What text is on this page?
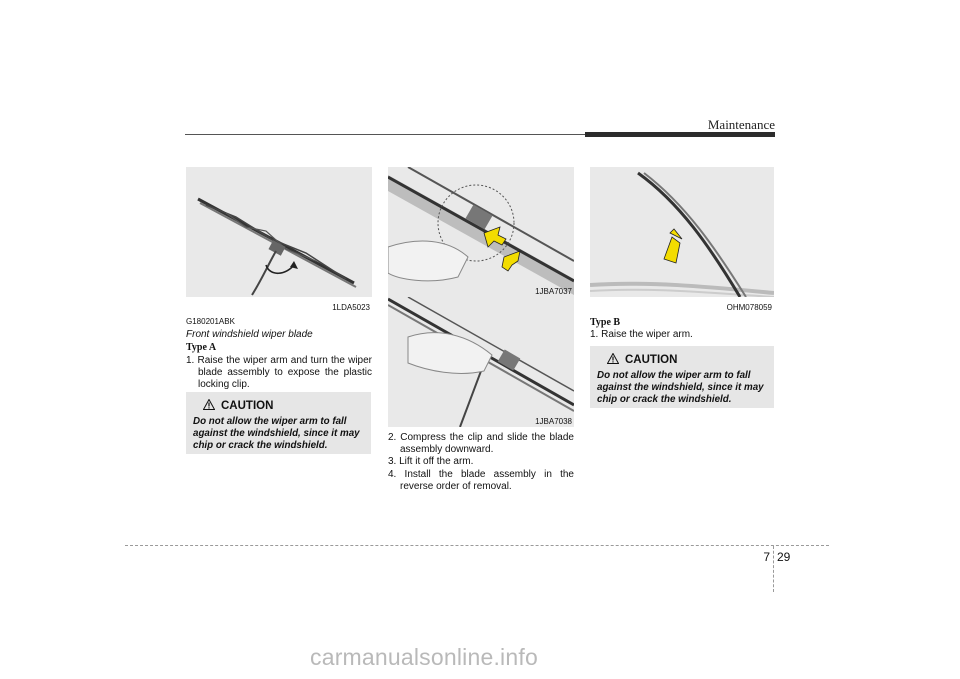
Maintenance
1LDA5023
G180201ABK
Front windshield wiper blade
Type A
1. Raise the wiper arm and turn the wiper blade assembly to expose the plastic locking clip.
CAUTION
Do not allow the wiper arm to fall against the windshield, since it may chip or crack the windshield.
1JBA7037
1JBA7038
2. Compress the clip and slide the blade assembly downward.
3. Lift it off the arm.
4. Install the blade assembly in the reverse order of removal.
OHM078059
Type B
1. Raise the wiper arm.
CAUTION
Do not allow the wiper arm to fall against the windshield, since it may chip or crack the windshield.
7 29
carmanualsonline.info
